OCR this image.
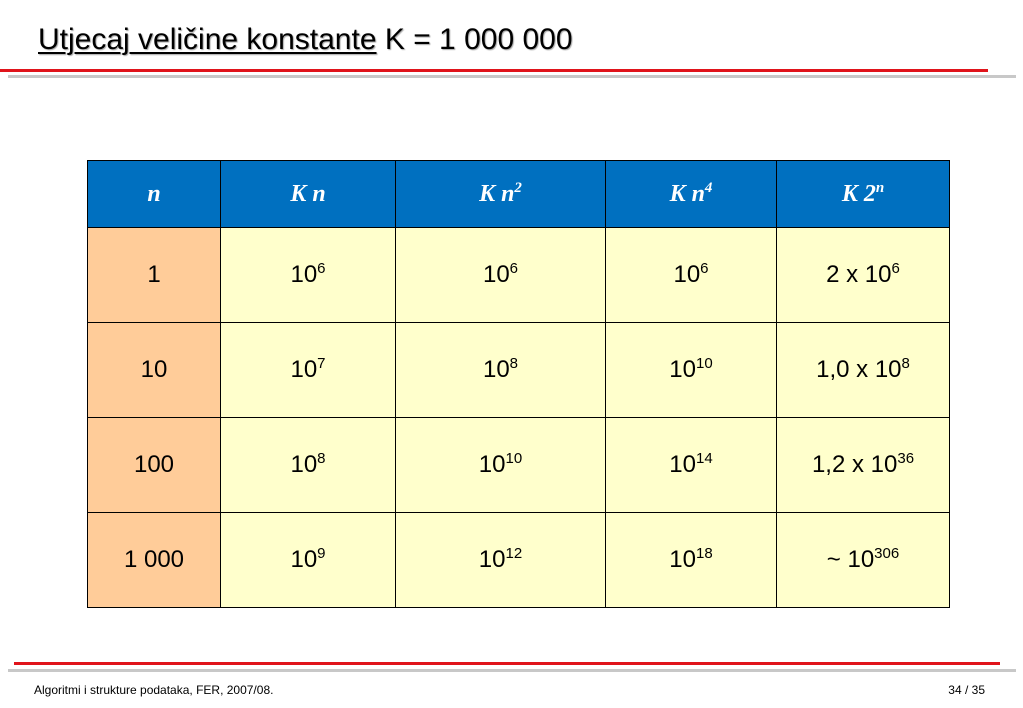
Utjecaj veličine konstante K = 1 000 000
n	K n	K $n^2$	K $n^4$	K 2$^n$
1	$10^6$	$10^6$	$10^6$	2 x $10^6$
10	$10^7$	$10^8$	$10^{10}$	1,0 x $10^8$
100	$10^8$	$10^{10}$	$10^{14}$	1,2 x $10^{36}$
1 000	$10^9$	$10^{12}$	$10^{18}$	~ $10^{306}$
Algoritmi i strukture podataka, FER, 2007/08.	34 / 35
